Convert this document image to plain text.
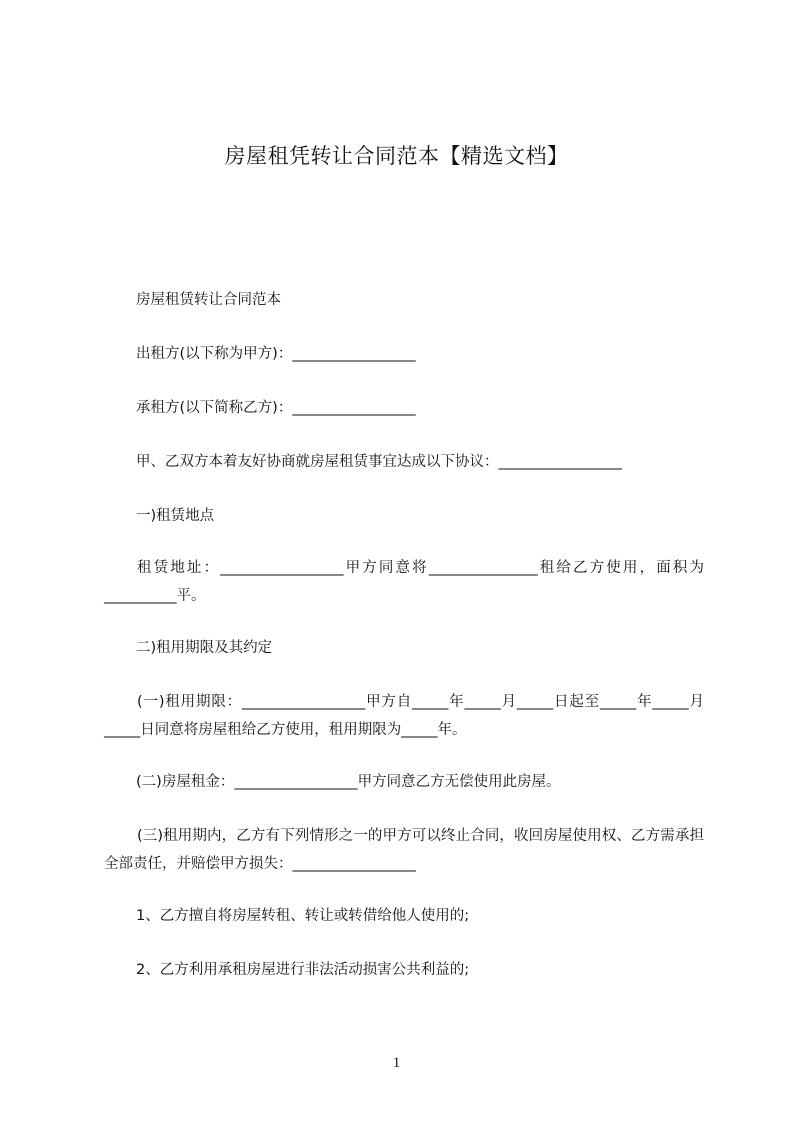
房屋租凭转让合同范本【精选文档】
房屋租赁转让合同范本
出租方(以下称为甲方)：_________________
承租方(以下简称乙方)：_________________
甲、乙双方本着友好协商就房屋租赁事宜达成以下协议：_________________
一)租赁地点
租赁地址：_________________甲方同意将_______________租给乙方使用，面积为__________平。
二)租用期限及其约定
(一)租用期限：_________________甲方自_____年_____月_____日起至_____年_____月_____日同意将房屋租给乙方使用，租用期限为_____年。
(二)房屋租金：_________________甲方同意乙方无偿使用此房屋。
(三)租用期内，乙方有下列情形之一的甲方可以终止合同，收回房屋使用权、乙方需承担全部责任，并赔偿甲方损失：_________________
1、乙方擅自将房屋转租、转让或转借给他人使用的;
2、乙方利用承租房屋进行非法活动损害公共利益的;
1
